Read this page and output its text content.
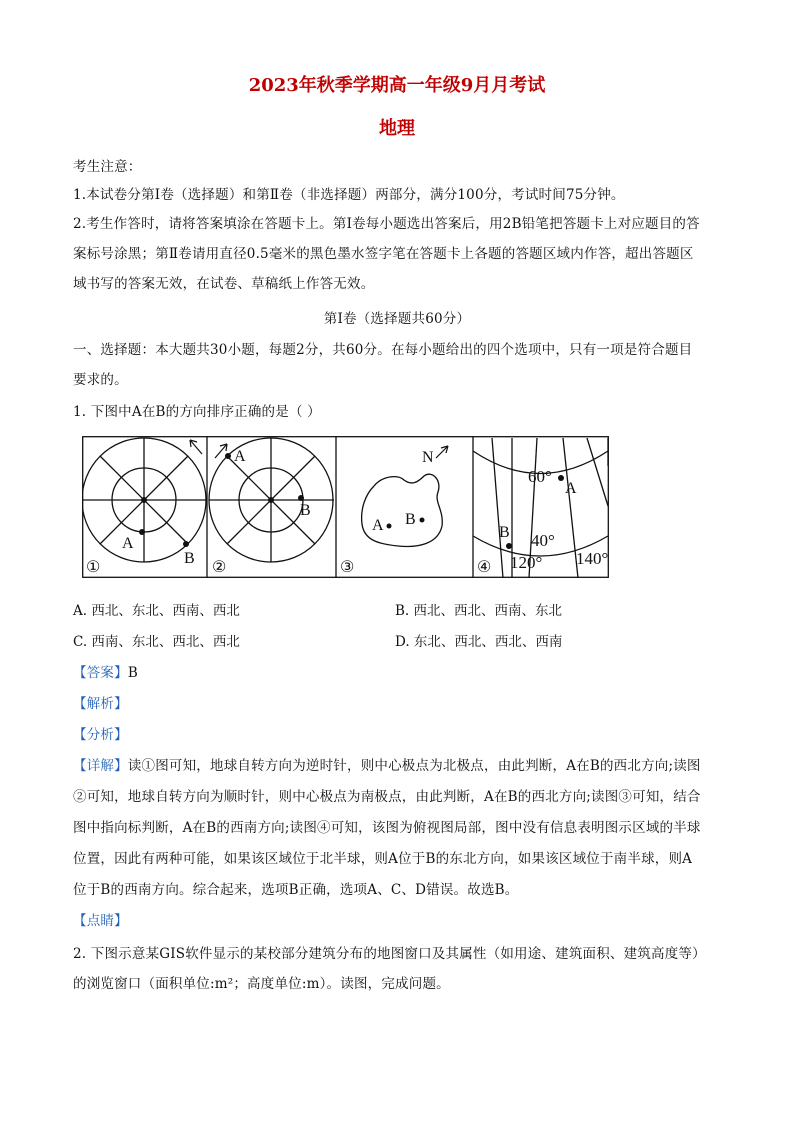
2023年秋季学期高一年级9月月考试
地理
考生注意：
1.本试卷分第Ⅰ卷（选择题）和第Ⅱ卷（非选择题）两部分，满分100分，考试时间75分钟。
2.考生作答时，请将答案填涂在答题卡上。第Ⅰ卷每小题选出答案后，用2B铅笔把答题卡上对应题目的答
案标号涂黑；第Ⅱ卷请用直径0.5毫米的黑色墨水签字笔在答题卡上各题的答题区域内作答，超出答题区
域书写的答案无效，在试卷、草稿纸上作答无效。
第Ⅰ卷（选择题共60分）
一、选择题：本大题共30小题，每题2分，共60分。在每小题给出的四个选项中，只有一项是符合题目
要求的。
1. 下图中A在B的方向排序正确的是（ ）
A
B
①
A
B
②
N
A B
③
60°
A
B 40°
120° 140°
④
A. 西北、东北、西南、西北	B. 西北、西北、西南、东北
C. 西南、东北、西北、西北	D. 东北、西北、西北、西南
【答案】B
【解析】
【分析】
【详解】读①图可知，地球自转方向为逆时针，则中心极点为北极点，由此判断，A在B的西北方向;读图
②可知，地球自转方向为顺时针，则中心极点为南极点，由此判断，A在B的西北方向;读图③可知，结合
图中指向标判断，A在B的西南方向;读图④可知，该图为俯视图局部，图中没有信息表明图示区域的半球
位置，因此有两种可能，如果该区域位于北半球，则A位于B的东北方向，如果该区域位于南半球，则A
位于B的西南方向。综合起来，选项B正确，选项A、C、D错误。故选B。
【点睛】
2. 下图示意某GIS软件显示的某校部分建筑分布的地图窗口及其属性（如用途、建筑面积、建筑高度等）
的浏览窗口（面积单位:m²；高度单位:m）。读图，完成问题。
